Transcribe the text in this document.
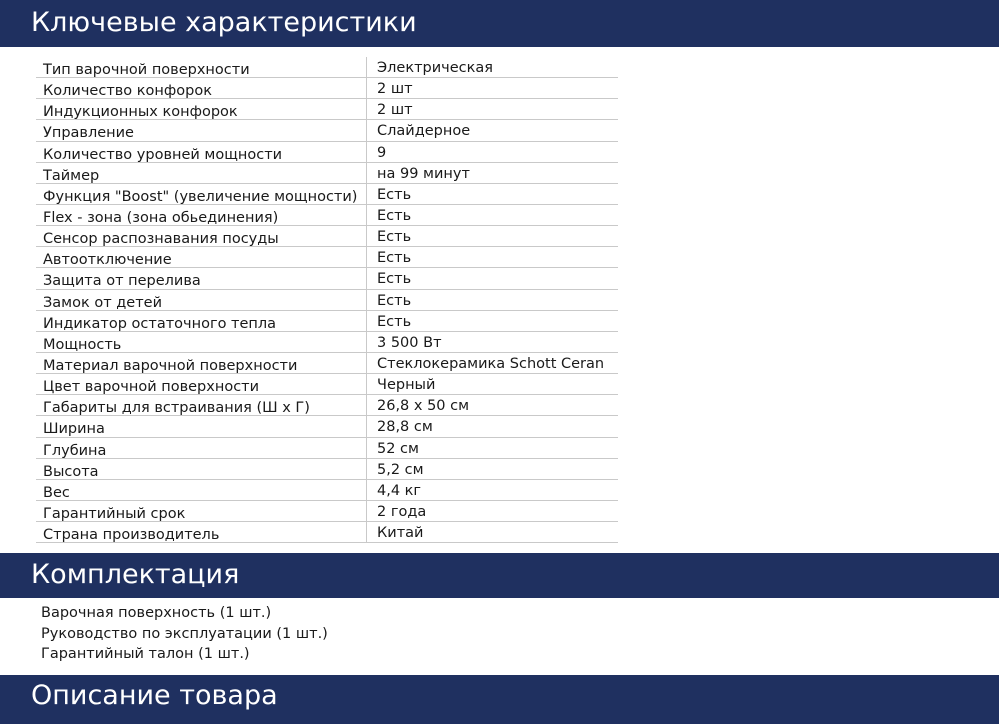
Ключевые характеристики
Тип варочной поверхности	Электрическая
Количество конфорок	2 шт
Индукционных конфорок	2 шт
Управление	Слайдерное
Количество уровней мощности	9
Таймер	на 99 минут
Функция "Boost" (увеличение мощности)	Есть
Flex - зона (зона обьединения)	Есть
Сенсор распознавания посуды	Есть
Автоотключение	Есть
Защита от перелива	Есть
Замок от детей	Есть
Индикатор остаточного тепла	Есть
Мощность	3 500 Вт
Материал варочной поверхности	Стеклокерамика Schott Ceran
Цвет варочной поверхности	Черный
Габариты для встраивания (Ш х Г)	26,8 х 50 см
Ширина	28,8 см
Глубина	52 см
Высота	5,2 см
Вес	4,4 кг
Гарантийный срок	2 года
Страна производитель	Китай
Комплектация
Варочная поверхность (1 шт.)
Руководство по эксплуатации (1 шт.)
Гарантийный талон (1 шт.)
Описание товара
